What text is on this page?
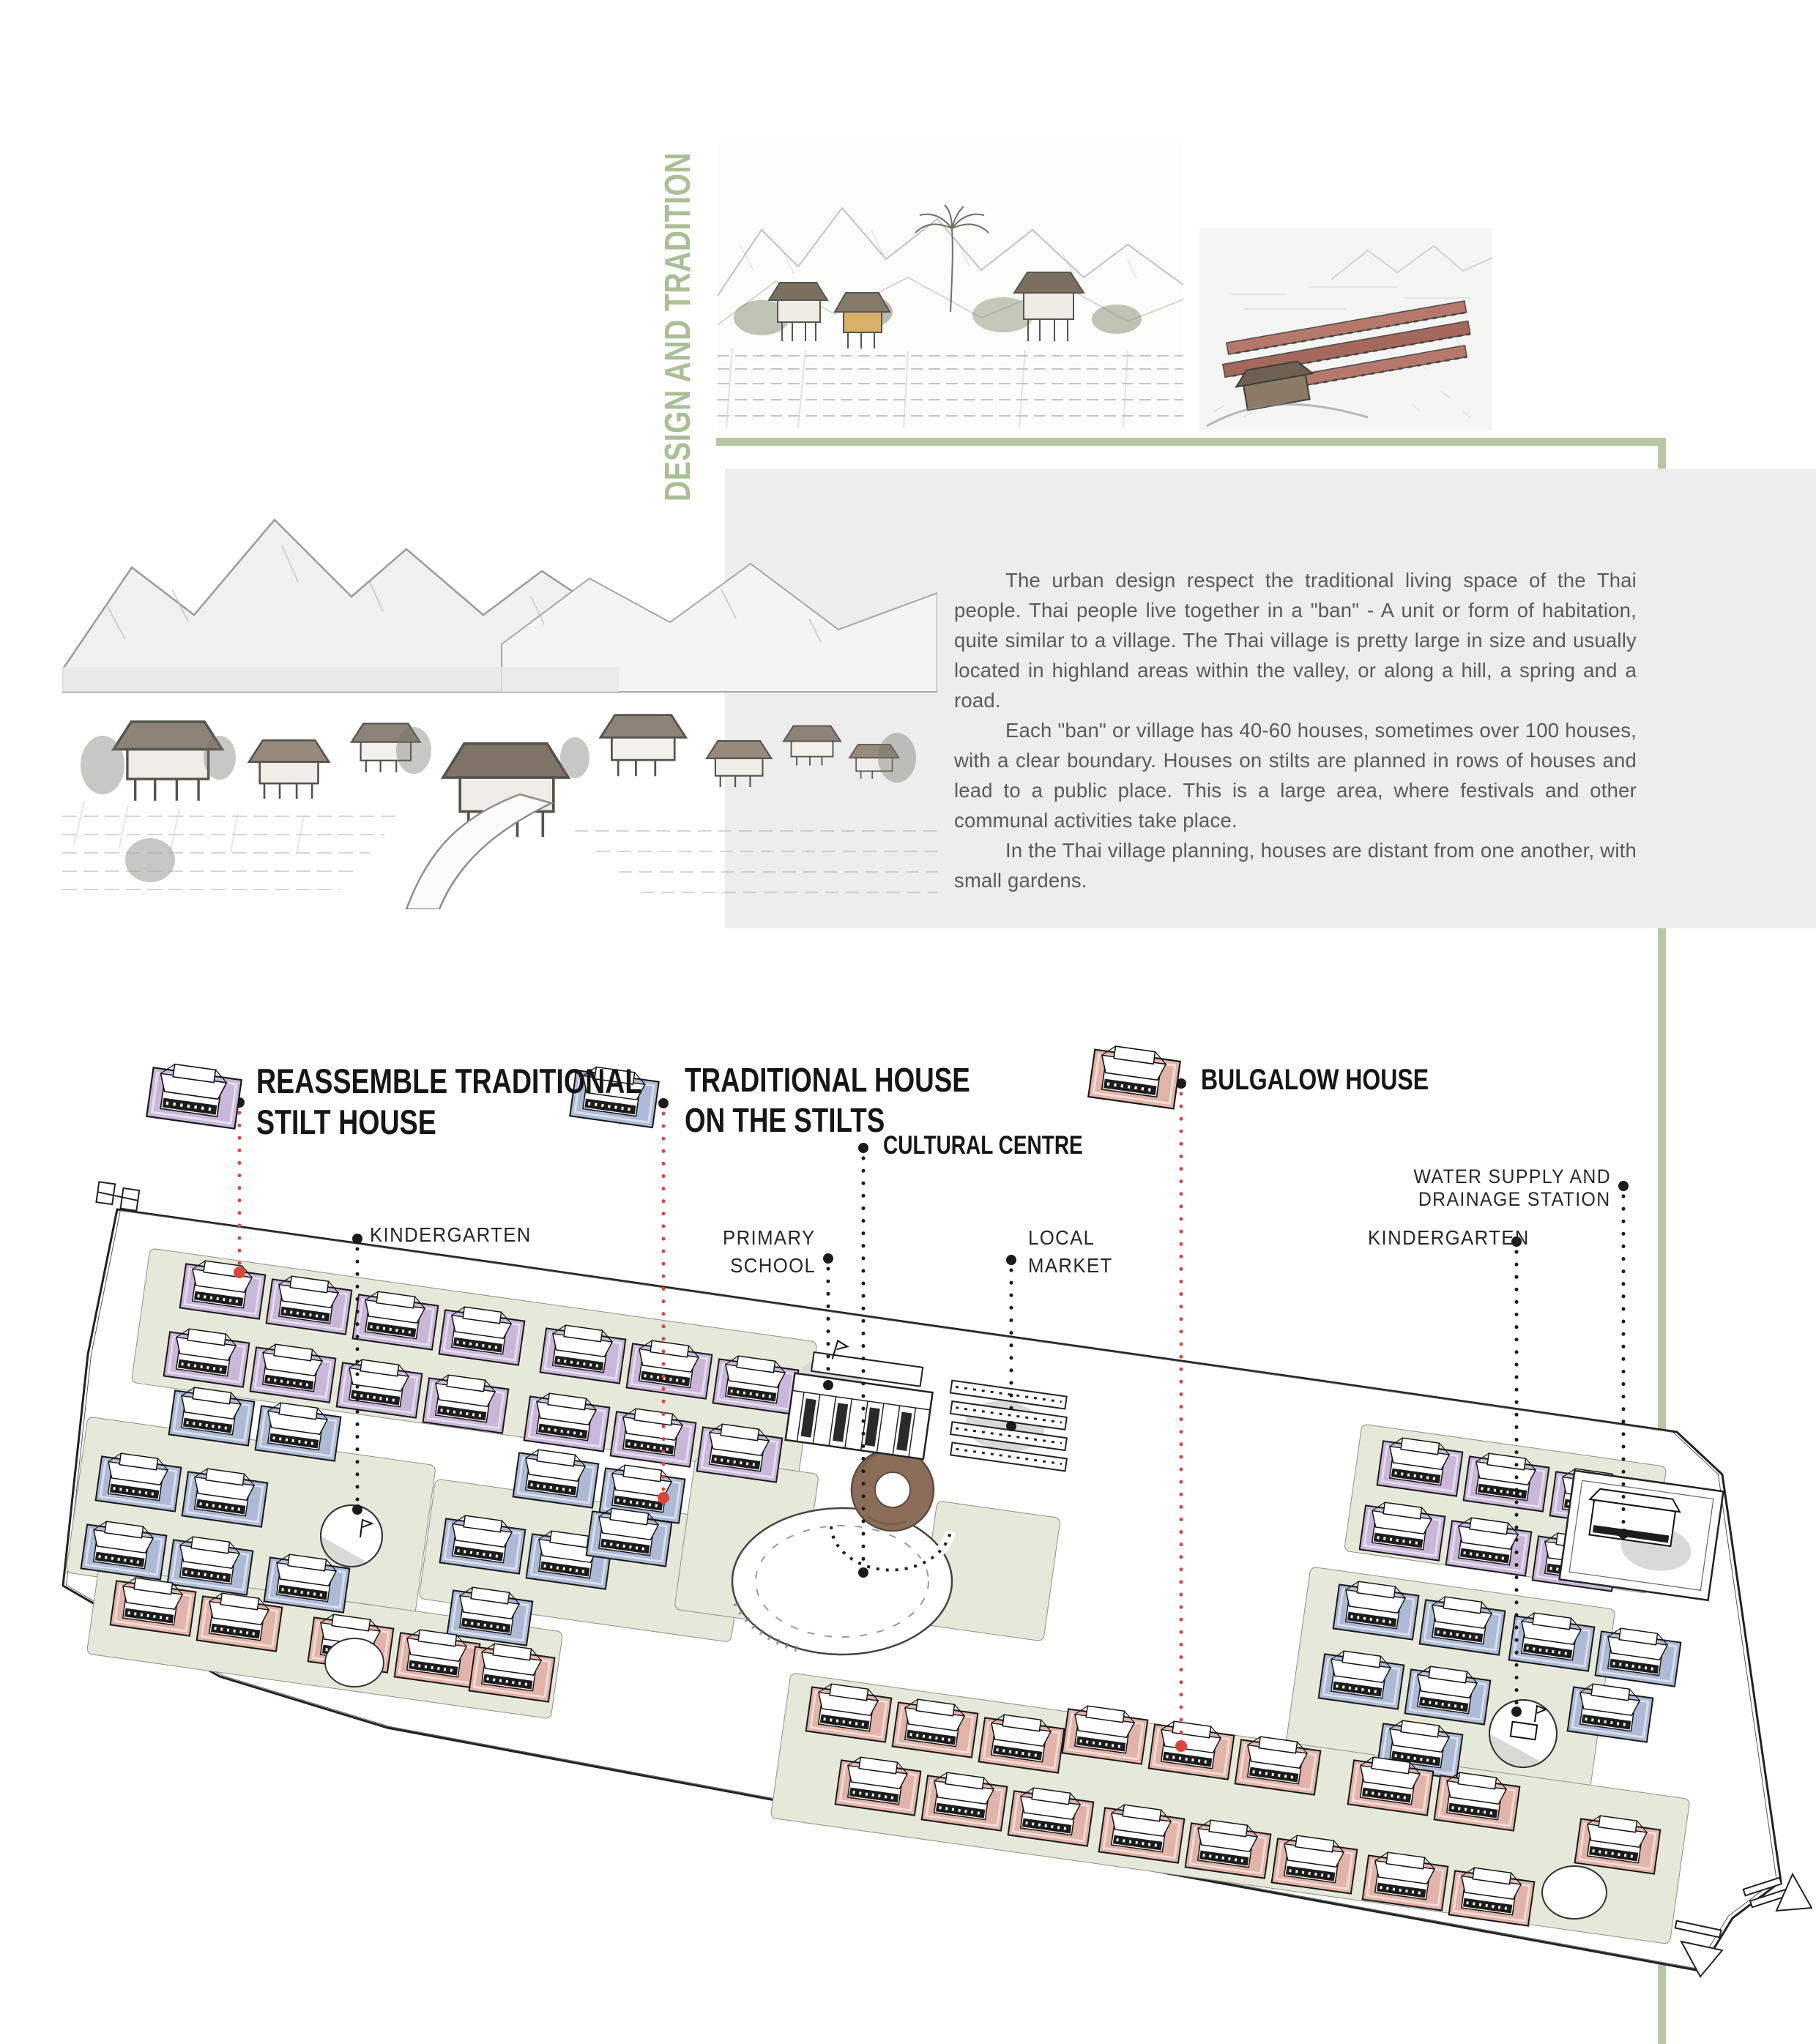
DESIGN AND TRADITION

The urban design respect the traditional living space of the Thai people. Thai people live together in a "ban" - A unit or form of habitation, quite similar to a village. The Thai village is pretty large in size and usually located in highland areas within the valley, or along a hill, a spring and a road.

Each "ban" or village has 40-60 houses, sometimes over 100 houses, with a clear boundary. Houses on stilts are planned in rows of houses and lead to a public place. This is a large area, where festivals and other communal activities take place.

In the Thai village planning, houses are distant from one another, with small gardens.

REASSEMBLE TRADITIONAL
STILT HOUSE
TRADITIONAL HOUSE
ON THE STILTS
CULTURAL CENTRE
BULGALOW HOUSE
KINDERGARTEN	PRIMARY
SCHOOL
LOCAL
MARKET
WATER SUPPLY AND
DRAINAGE STATION
KINDERGARTEN
